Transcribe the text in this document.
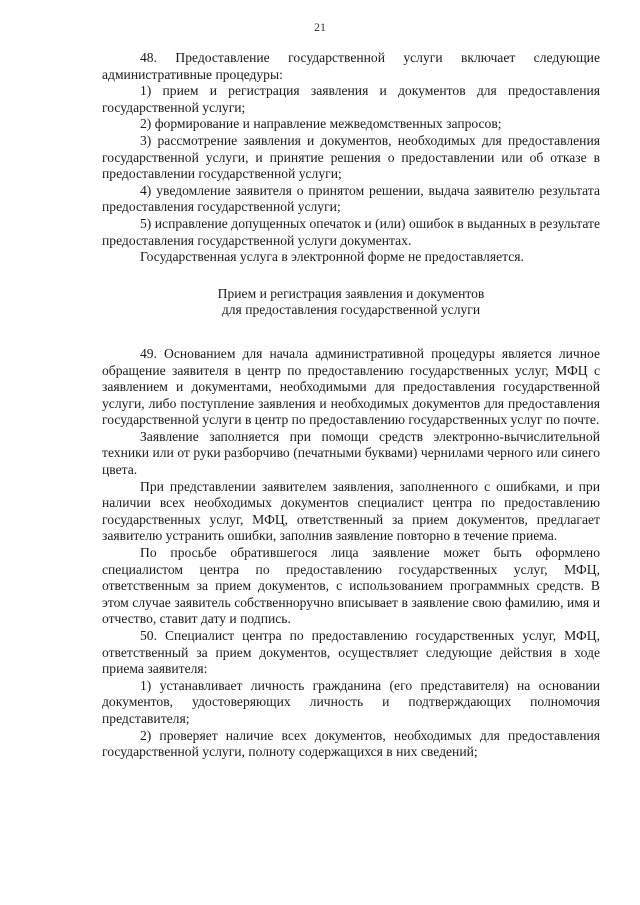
21

48. Предоставление государственной услуги включает следующие административные процедуры:

1) прием и регистрация заявления и документов для предоставления государственной услуги;

2) формирование и направление межведомственных запросов;

3) рассмотрение заявления и документов, необходимых для предоставления государственной услуги, и принятие решения о предоставлении или об отказе в предоставлении государственной услуги;

4) уведомление заявителя о принятом решении, выдача заявителю результата предоставления государственной услуги;

5) исправление допущенных опечаток и (или) ошибок в выданных в результате предоставления государственной услуги документах.

Государственная услуга в электронной форме не предоставляется.

Прием и регистрация заявления и документов

для предоставления государственной услуги

49. Основанием для начала административной процедуры является личное обращение заявителя в центр по предоставлению государственных услуг, МФЦ с заявлением и документами, необходимыми для предоставления государственной услуги, либо поступление заявления и необходимых документов для предоставления государственной услуги в центр по предоставлению государственных услуг по почте.

Заявление заполняется при помощи средств электронно-вычислительной техники или от руки разборчиво (печатными буквами) чернилами черного или синего цвета.

При представлении заявителем заявления, заполненного с ошибками, и при наличии всех необходимых документов специалист центра по предоставлению государственных услуг, МФЦ, ответственный за прием документов, предлагает заявителю устранить ошибки, заполнив заявление повторно в течение приема.

По просьбе обратившегося лица заявление может быть оформлено специалистом центра по предоставлению государственных услуг, МФЦ, ответственным за прием документов, с использованием программных средств. В этом случае заявитель собственноручно вписывает в заявление свою фамилию, имя и отчество, ставит дату и подпись.

50. Специалист центра по предоставлению государственных услуг, МФЦ, ответственный за прием документов, осуществляет следующие действия в ходе приема заявителя:

1) устанавливает личность гражданина (его представителя) на основании документов, удостоверяющих личность и подтверждающих полномочия представителя;

2) проверяет наличие всех документов, необходимых для предоставления государственной услуги, полноту содержащихся в них сведений;
